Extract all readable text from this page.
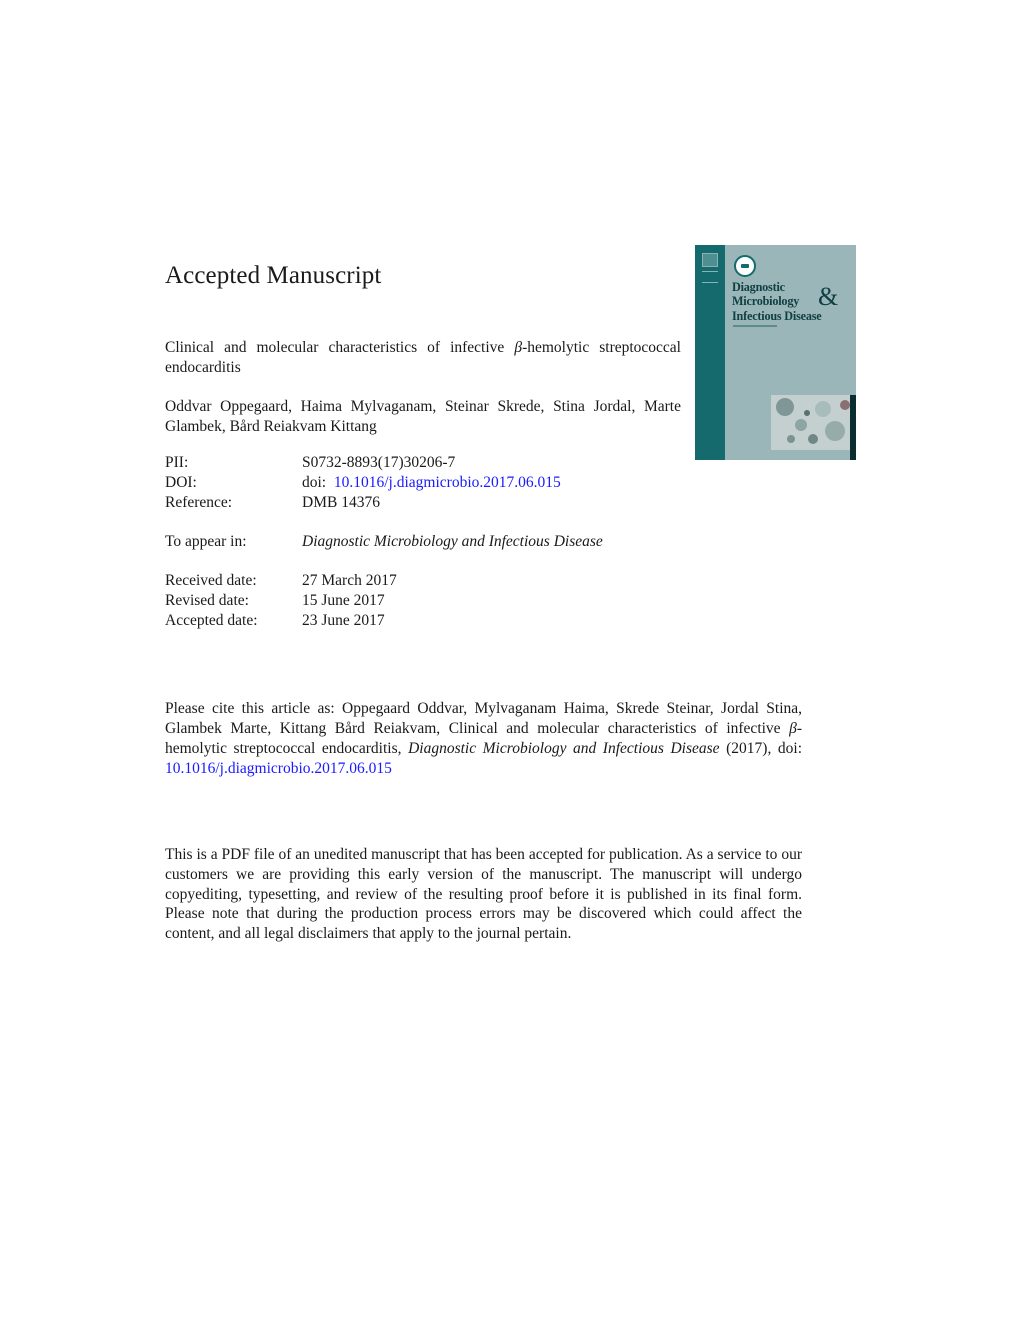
Accepted Manuscript
Clinical and molecular characteristics of infective β-hemolytic streptococcal endocarditis
Oddvar Oppegaard, Haima Mylvaganam, Steinar Skrede, Stina Jordal, Marte Glambek, Bård Reiakvam Kittang
PII:	S0732-8893(17)30206-7
DOI:	doi: 10.1016/j.diagmicrobio.2017.06.015
Reference:	DMB 14376
To appear in:	Diagnostic Microbiology and Infectious Disease
Received date:	27 March 2017
Revised date:	15 June 2017
Accepted date:	23 June 2017
Please cite this article as: Oppegaard Oddvar, Mylvaganam Haima, Skrede Steinar, Jordal Stina, Glambek Marte, Kittang Bård Reiakvam, Clinical and molecular characteristics of infective β-hemolytic streptococcal endocarditis, Diagnostic Microbiology and Infectious Disease (2017), doi: 10.1016/j.diagmicrobio.2017.06.015
This is a PDF file of an unedited manuscript that has been accepted for publication. As a service to our customers we are providing this early version of the manuscript. The manuscript will undergo copyediting, typesetting, and review of the resulting proof before it is published in its final form. Please note that during the production process errors may be discovered which could affect the content, and all legal disclaimers that apply to the journal pertain.
Diagnostic
Microbiology &
Infectious Disease
